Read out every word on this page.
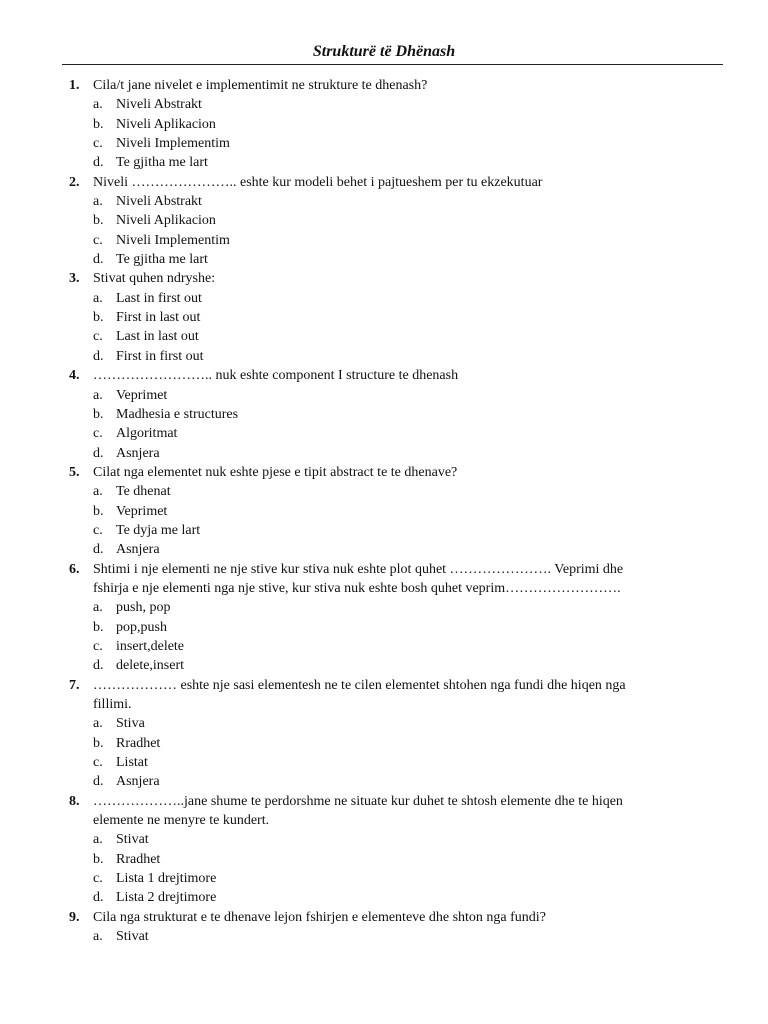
Strukturë të Dhënash
1. Cila/t jane nivelet e implementimit ne strukture te dhenash?
a. Niveli Abstrakt
b. Niveli Aplikacion
c. Niveli Implementim
d. Te gjitha me lart
2. Niveli ………………….. eshte kur modeli behet i pajtueshem per tu ekzekutuar
a. Niveli Abstrakt
b. Niveli Aplikacion
c. Niveli Implementim
d. Te gjitha me lart
3. Stivat quhen ndryshe:
a. Last in first out
b. First in last out
c. Last in last out
d. First in first out
4. …………………….. nuk eshte component I structure te dhenash
a. Veprimet
b. Madhesia e structures
c. Algoritmat
d. Asnjera
5. Cilat nga elementet nuk eshte pjese e tipit abstract te te dhenave?
a. Te dhenat
b. Veprimet
c. Te dyja me lart
d. Asnjera
6. Shtimi i nje elementi ne nje stive kur stiva nuk eshte plot quhet …………………. Veprimi dhe
fshirja e nje elementi nga nje stive, kur stiva nuk eshte bosh quhet veprim…………………….
a. push, pop
b. pop,push
c. insert,delete
d. delete,insert
7. ……………… eshte nje sasi elementesh ne te cilen elementet shtohen nga fundi dhe hiqen nga
fillimi.
a. Stiva
b. Rradhet
c. Listat
d. Asnjera
8. ………………..jane shume te perdorshme ne situate kur duhet te shtosh elemente dhe te hiqen
elemente ne menyre te kundert.
a. Stivat
b. Rradhet
c. Lista 1 drejtimore
d. Lista 2 drejtimore
9. Cila nga strukturat e te dhenave lejon fshirjen e elementeve dhe shton nga fundi?
a. Stivat
